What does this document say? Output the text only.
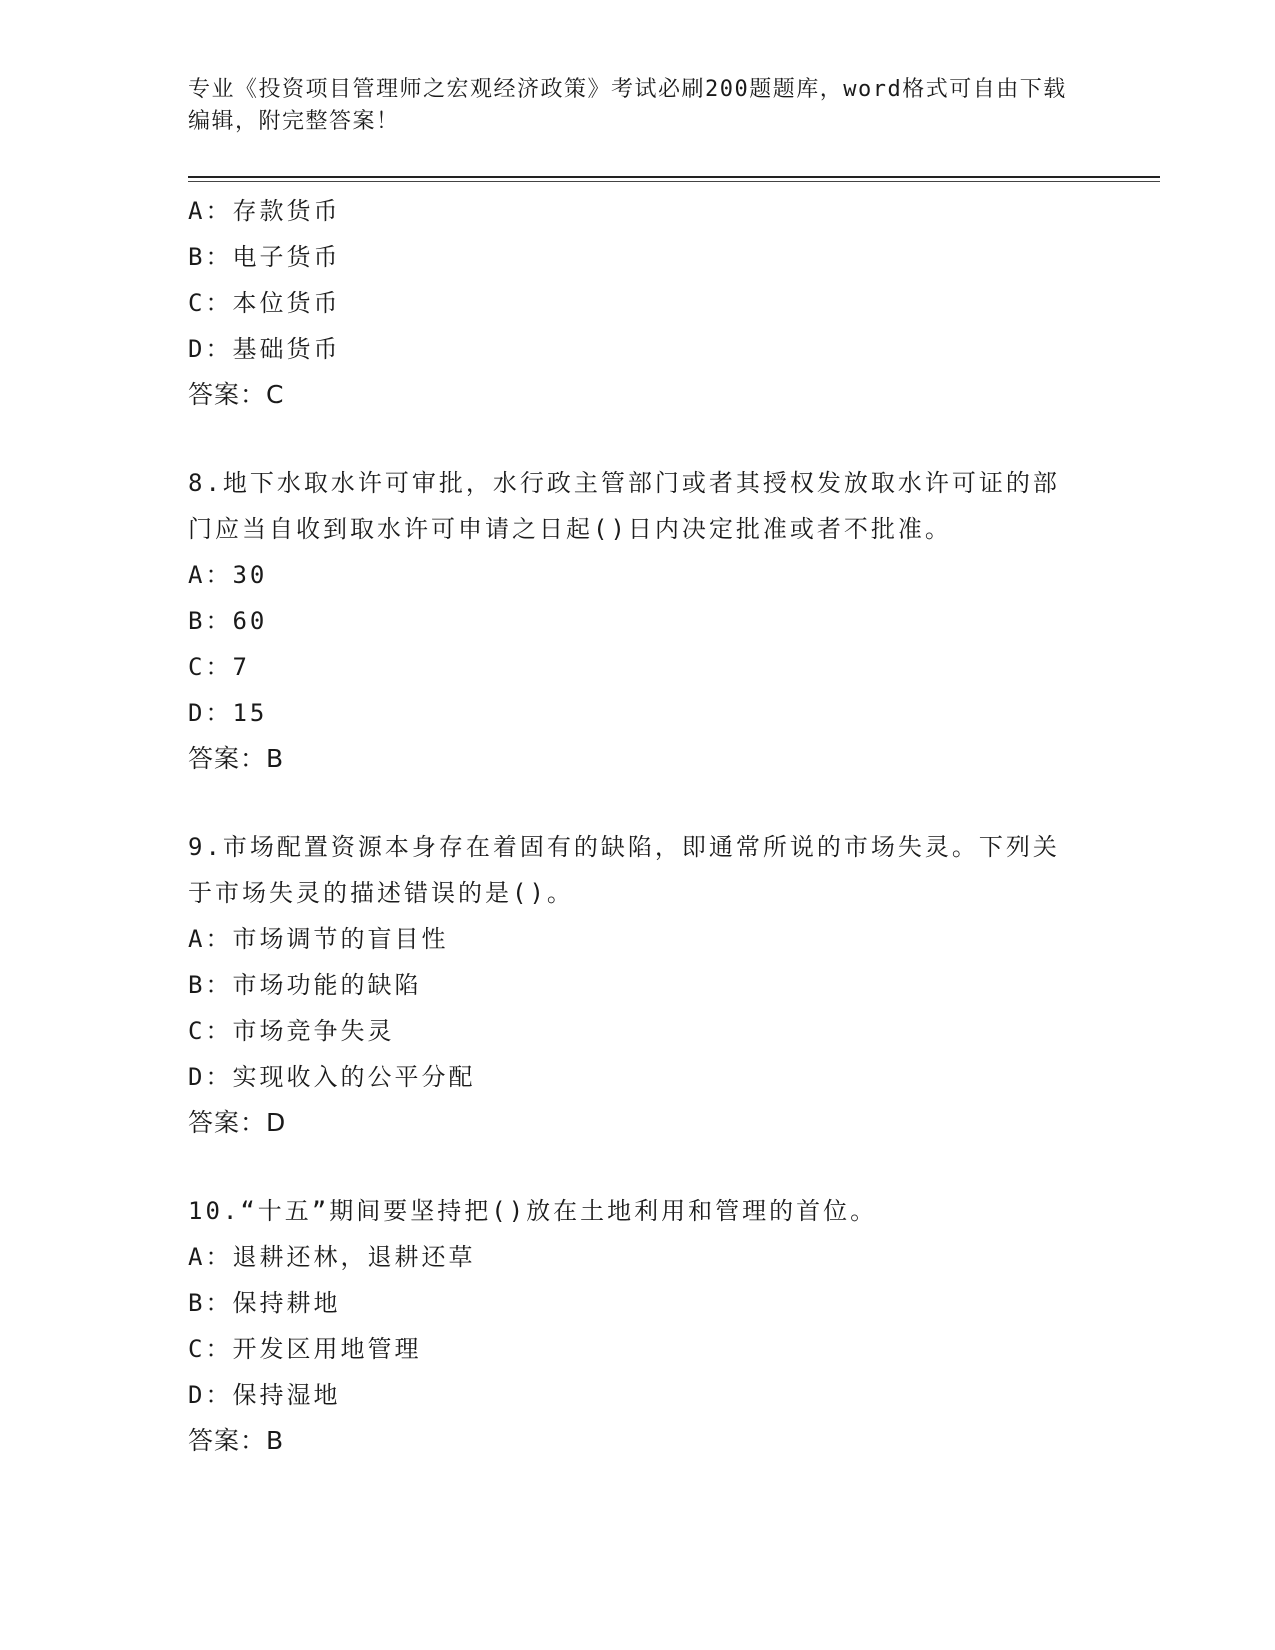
专业《投资项目管理师之宏观经济政策》考试必刷200题题库，word格式可自由下载编辑，附完整答案！
A：存款货币
B：电子货币
C：本位货币
D：基础货币
答案：C
8.地下水取水许可审批，水行政主管部门或者其授权发放取水许可证的部门应当自收到取水许可申请之日起()日内决定批准或者不批准。
A：30
B：60
C：7
D：15
答案：B
9.市场配置资源本身存在着固有的缺陷，即通常所说的市场失灵。下列关于市场失灵的描述错误的是()。
A：市场调节的盲目性
B：市场功能的缺陷
C：市场竞争失灵
D：实现收入的公平分配
答案：D
10.“十五”期间要坚持把()放在土地利用和管理的首位。
A：退耕还林，退耕还草
B：保持耕地
C：开发区用地管理
D：保持湿地
答案：B
